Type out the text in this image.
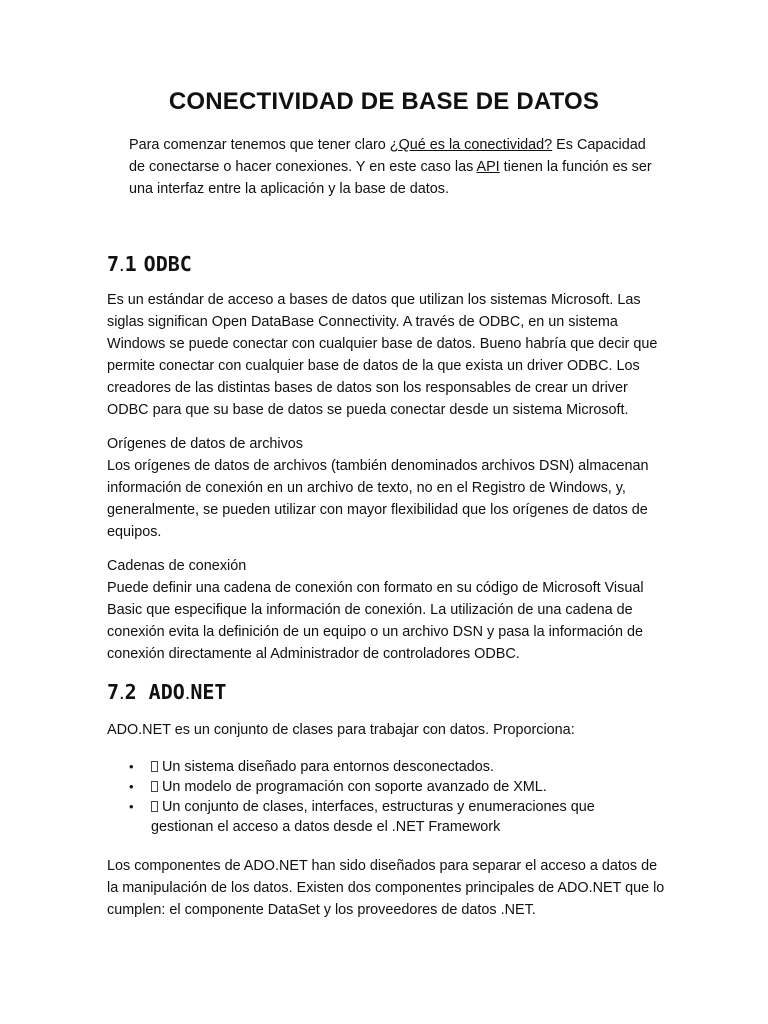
CONECTIVIDAD DE BASE DE DATOS

Para comenzar tenemos que tener claro ¿Qué es la conectividad? Es Capacidad de conectarse o hacer conexiones. Y en este caso las API tienen la función es ser una interfaz entre la aplicación y la base de datos.

7.1 ODBC

Es un estándar de acceso a bases de datos que utilizan los sistemas Microsoft. Las siglas significan Open DataBase Connectivity. A través de ODBC, en un sistema Windows se puede conectar con cualquier base de datos. Bueno habría que decir que permite conectar con cualquier base de datos de la que exista un driver ODBC. Los creadores de las distintas bases de datos son los responsables de crear un driver ODBC para que su base de datos se pueda conectar desde un sistema Microsoft.

Orígenes de datos de archivos
Los orígenes de datos de archivos (también denominados archivos DSN) almacenan información de conexión en un archivo de texto, no en el Registro de Windows, y, generalmente, se pueden utilizar con mayor flexibilidad que los orígenes de datos de equipos.
Cadenas de conexión
Puede definir una cadena de conexión con formato en su código de Microsoft Visual Basic que especifique la información de conexión. La utilización de una cadena de conexión evita la definición de un equipo o un archivo DSN y pasa la información de conexión directamente al Administrador de controladores ODBC.
7.2 ADO.NET

ADO.NET es un conjunto de clases para trabajar con datos. Proporciona:

• Un sistema diseñado para entornos desconectados.
• Un modelo de programación con soporte avanzado de XML.
• Un conjunto de clases, interfaces, estructuras y enumeraciones que gestionan el acceso a datos desde el .NET Framework

Los componentes de ADO.NET han sido diseñados para separar el acceso a datos de la manipulación de los datos. Existen dos componentes principales de ADO.NET que lo cumplen: el componente DataSet y los proveedores de datos .NET.
